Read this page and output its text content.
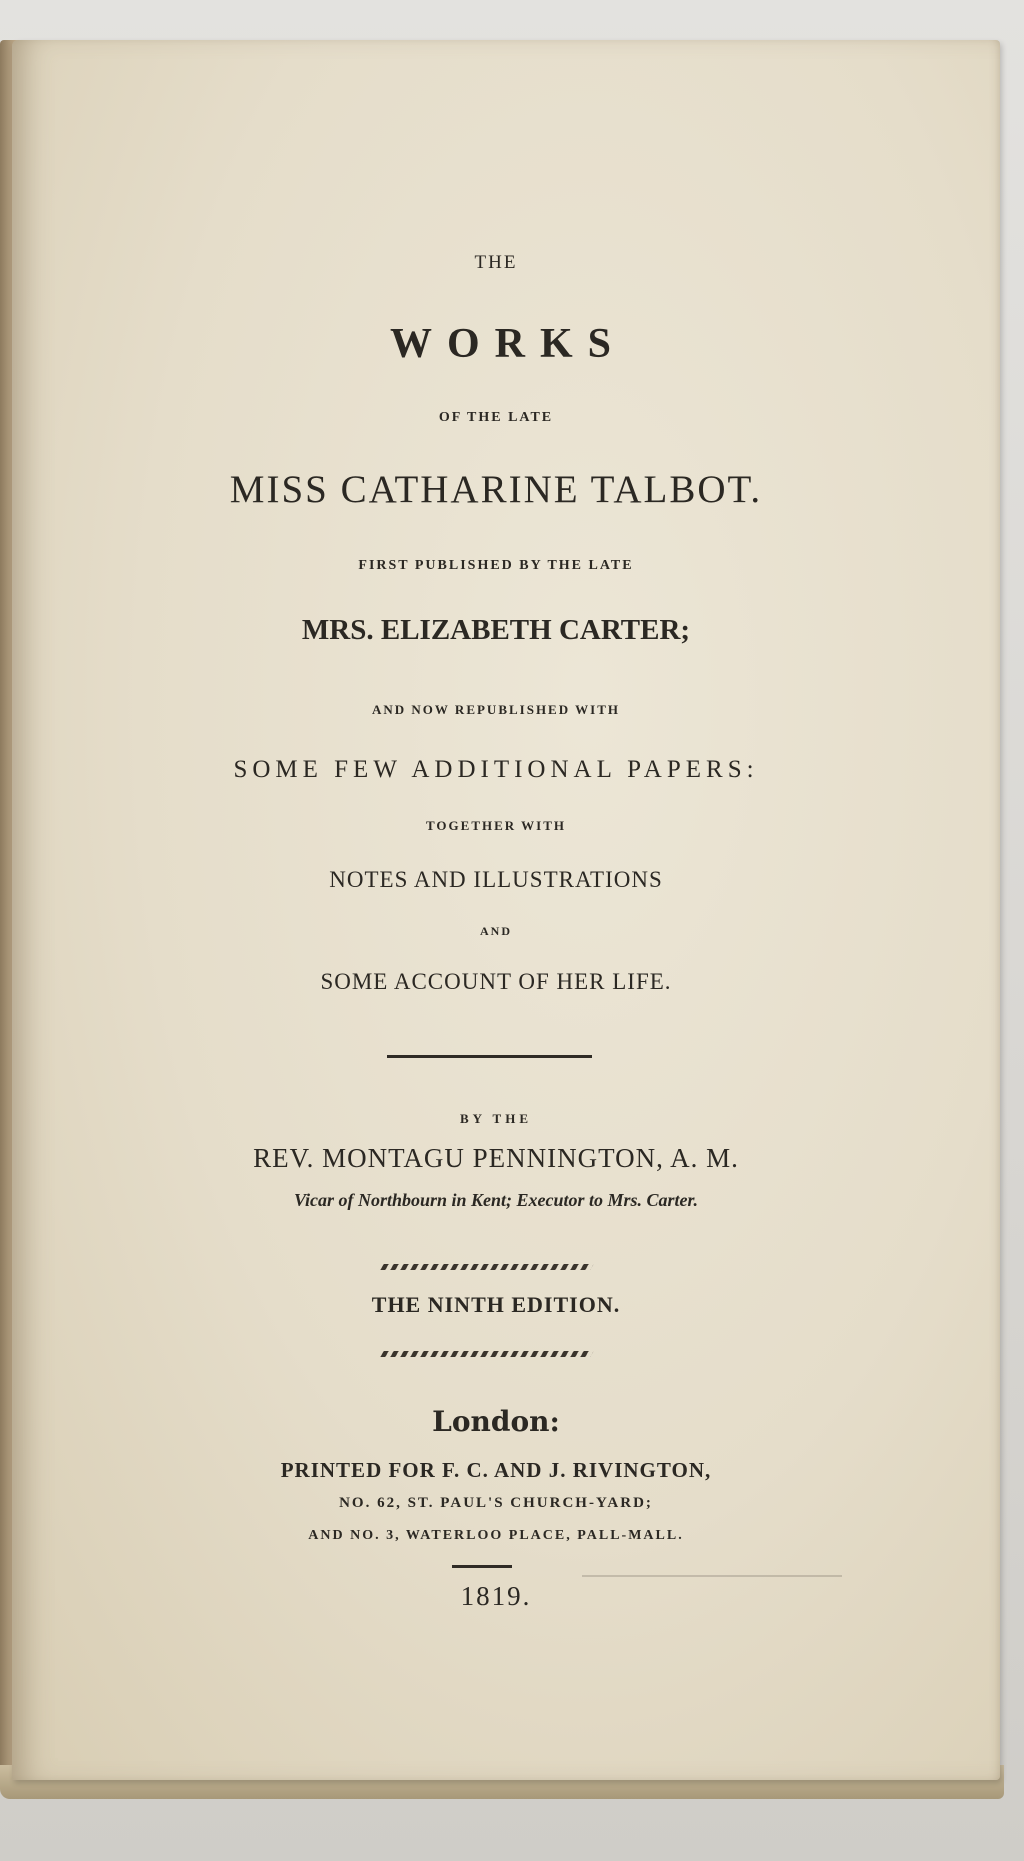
THE
WORKS
OF THE LATE
MISS CATHARINE TALBOT.
FIRST PUBLISHED BY THE LATE
MRS. ELIZABETH CARTER;
AND NOW REPUBLISHED WITH
SOME FEW ADDITIONAL PAPERS:
TOGETHER WITH
NOTES AND ILLUSTRATIONS
AND
SOME ACCOUNT OF HER LIFE.
BY THE
REV. MONTAGU PENNINGTON, A. M.
Vicar of Northbourn in Kent; Executor to Mrs. Carter.
THE NINTH EDITION.
London:
PRINTED FOR F. C. AND J. RIVINGTON,
NO. 62, ST. PAUL'S CHURCH-YARD;
AND NO. 3, WATERLOO PLACE, PALL-MALL.
1819.
